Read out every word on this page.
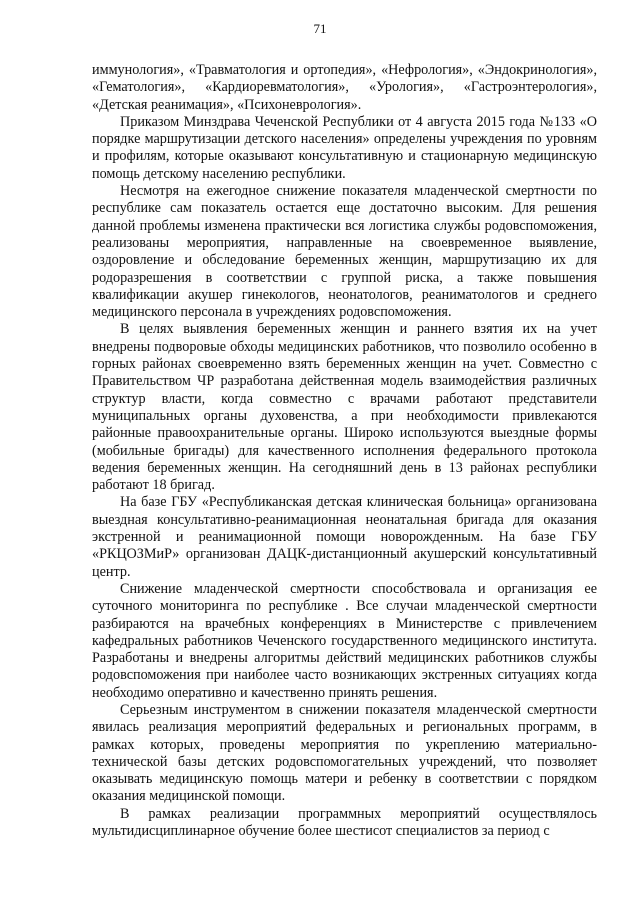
71

иммунология», «Травматология и ортопедия», «Нефрология», «Эндокринология», «Гематология», «Кардиоревматология», «Урология», «Гастроэнтерология», «Детская реанимация», «Психоневрология».

Приказом Минздрава Чеченской Республики от 4 августа 2015 года №133 «О порядке маршрутизации детского населения» определены учреждения по уровням и профилям, которые оказывают консультативную и стационарную медицинскую помощь детскому населению республики.

Несмотря на ежегодное снижение показателя младенческой смертности по республике сам показатель остается еще достаточно высоким. Для решения данной проблемы изменена практически вся логистика службы родовспоможения, реализованы мероприятия, направленные на своевременное выявление, оздоровление и обследование беременных женщин, маршрутизацию их для родоразрешения в соответствии с группой риска, а также повышения квалификации акушер гинекологов, неонатологов, реаниматологов и среднего медицинского персонала в учреждениях родовспоможения.

В целях выявления беременных женщин и раннего взятия их на учет внедрены подворовые обходы медицинских работников, что позволило особенно в горных районах своевременно взять беременных женщин на учет. Совместно с Правительством ЧР разработана действенная модель взаимодействия различных структур власти, когда совместно с врачами работают представители муниципальных органы духовенства, а при необходимости привлекаются районные правоохранительные органы. Широко используются выездные формы (мобильные бригады) для качественного исполнения федерального протокола ведения беременных женщин. На сегодняшний день в 13 районах республики работают 18 бригад.

На базе ГБУ «Республиканская детская клиническая больница» организована выездная консультативно-реанимационная неонатальная бригада для оказания экстренной и реанимационной помощи новорожденным. На базе ГБУ «РКЦОЗМиР» организован ДАЦК-дистанционный акушерский консультативный центр.

Снижение младенческой смертности способствовала и организация ее суточного мониторинга по республике . Все случаи младенческой смертности разбираются на врачебных конференциях в Министерстве с привлечением кафедральных работников Чеченского государственного медицинского института. Разработаны и внедрены алгоритмы действий медицинских работников службы родовспоможения при наиболее часто возникающих экстренных ситуациях когда необходимо оперативно и качественно принять решения.

Серьезным инструментом в снижении показателя младенческой смертности явилась реализация мероприятий федеральных и региональных программ, в рамках которых, проведены мероприятия по укреплению материально-технической базы детских родовспомогательных учреждений, что позволяет оказывать медицинскую помощь матери и ребенку в соответствии с порядком оказания медицинской помощи.

В рамках реализации программных мероприятий осуществлялось мультидисциплинарное обучение более шестисот специалистов за период с
